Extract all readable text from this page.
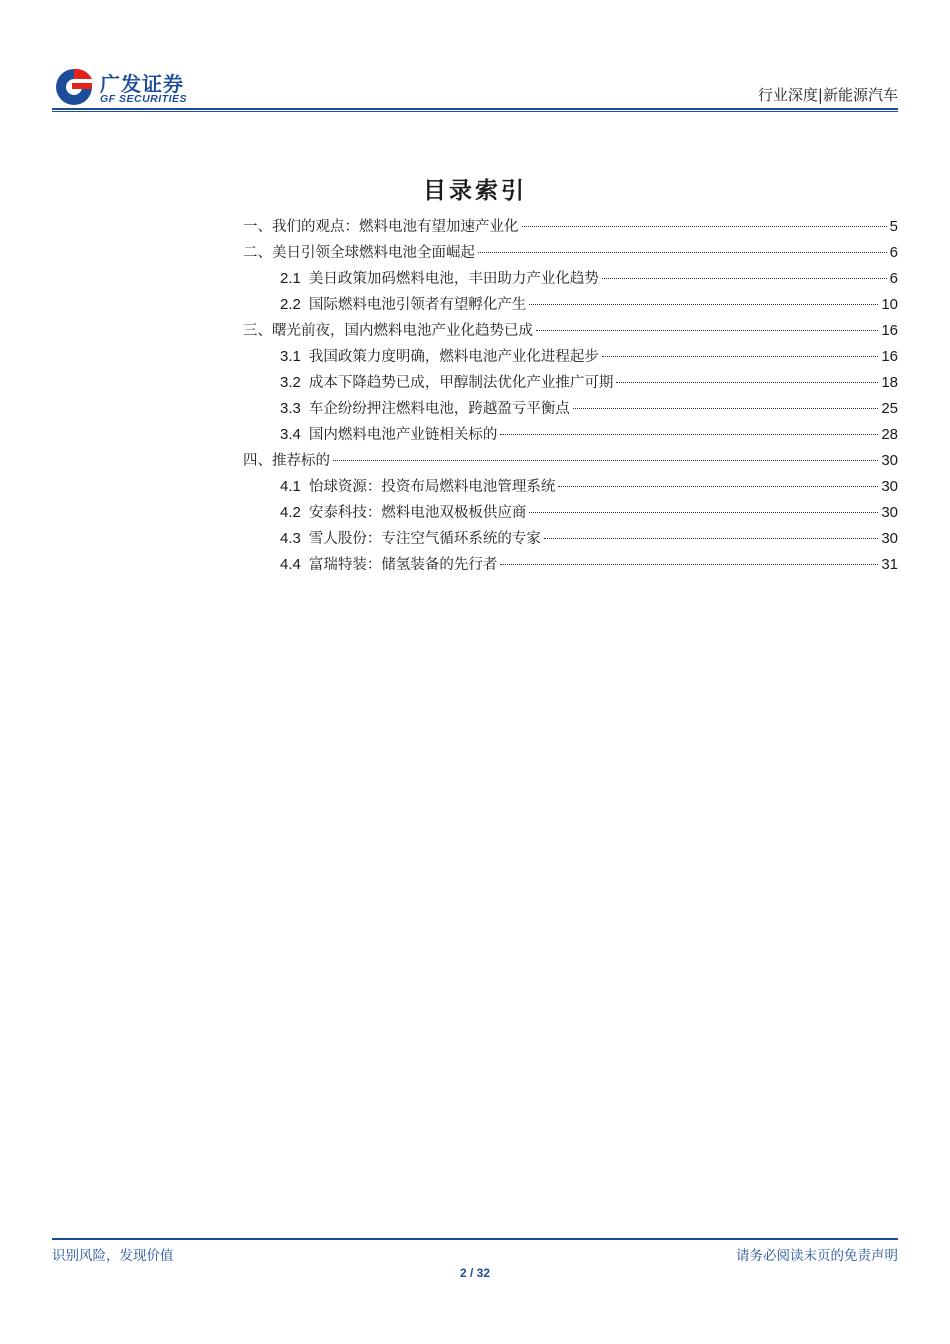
广发证券
GF SECURITIES	行业深度|新能源汽车
目录索引
一、我们的观点：燃料电池有望加速产业化	5
二、美日引领全球燃料电池全面崛起	6
2.1 美日政策加码燃料电池，丰田助力产业化趋势	6
2.2 国际燃料电池引领者有望孵化产生	10
三、曙光前夜，国内燃料电池产业化趋势已成	16
3.1 我国政策力度明确，燃料电池产业化进程起步	16
3.2 成本下降趋势已成，甲醇制法优化产业推广可期	18
3.3 车企纷纷押注燃料电池，跨越盈亏平衡点	25
3.4 国内燃料电池产业链相关标的	28
四、推荐标的	30
4.1 怡球资源：投资布局燃料电池管理系统	30
4.2 安泰科技：燃料电池双极板供应商	30
4.3 雪人股份：专注空气循环系统的专家	30
4.4 富瑞特装：储氢装备的先行者	31
识别风险，发现价值	请务必阅读末页的免责声明
2 / 32
